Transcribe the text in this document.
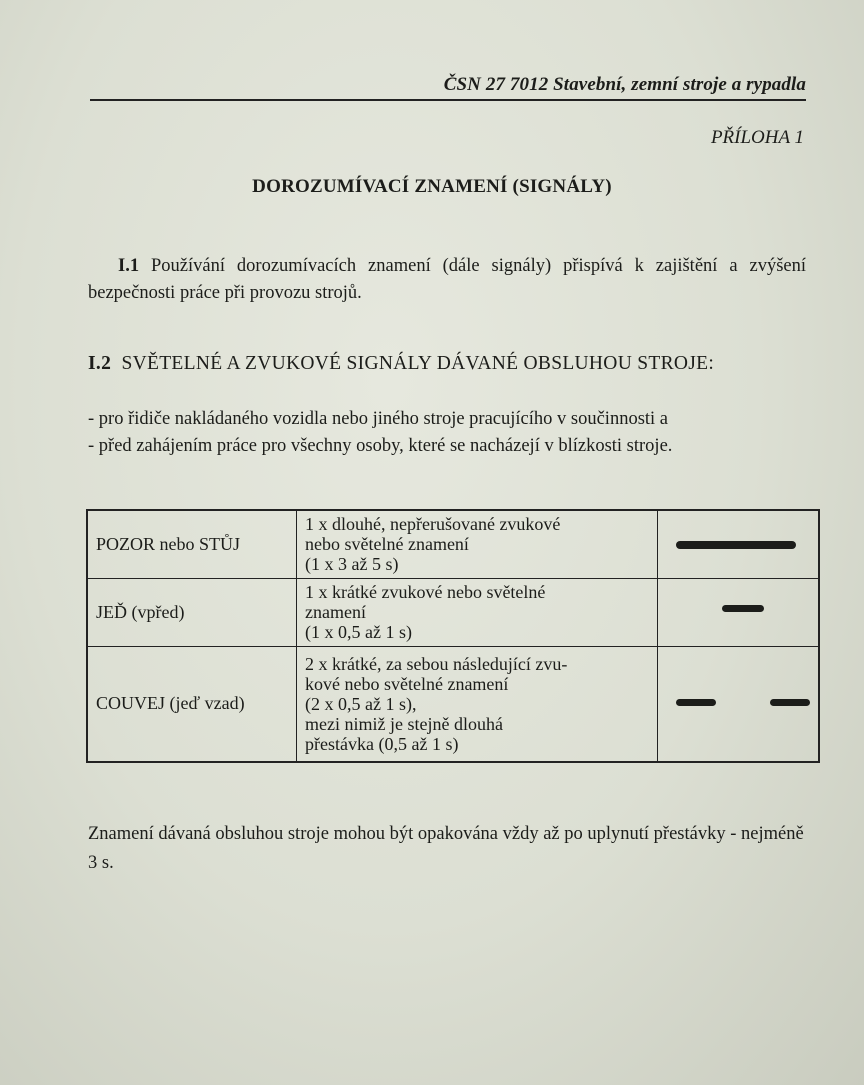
ČSN 27 7012 Stavební, zemní stroje a rypadla
PŘÍLOHA 1
DOROZUMÍVACÍ ZNAMENÍ (SIGNÁLY)
I.1 Používání dorozumívacích znamení (dále signály) přispívá k zajištění a zvýšení bezpečnosti práce při provozu strojů.
I.2 SVĚTELNÉ A ZVUKOVÉ SIGNÁLY DÁVANÉ OBSLUHOU STROJE:
- pro řidiče nakládaného vozidla nebo jiného stroje pracujícího v součinnosti a
- před zahájením práce pro všechny osoby, které se nacházejí v blízkosti stroje.
POZOR nebo STŮJ	1 x dlouhé, nepřerušované zvukové
nebo světelné znamení
(1 x 3 až 5 s)	

JEĎ (vpřed)	1 x krátké zvukové nebo světelné
znamení
(1 x 0,5 až 1 s)	

COUVEJ (jeď vzad)	2 x krátké, za sebou následující zvu-
kové nebo světelné znamení
(2 x 0,5 až 1 s),
mezi nimiž je stejně dlouhá
přestávka (0,5 až 1 s)	

Znamení dávaná obsluhou stroje mohou být opakována vždy až po uplynutí přestávky - nejméně 3 s.
